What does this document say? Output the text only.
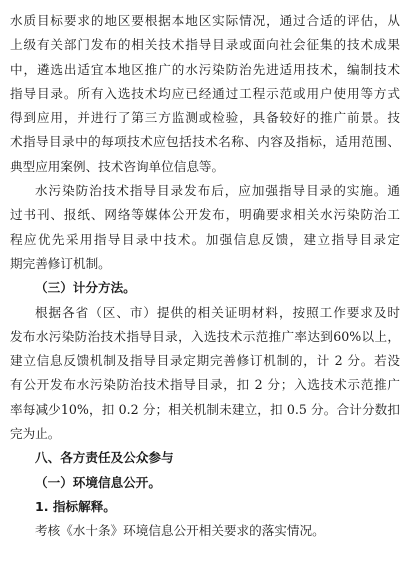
水质目标要求的地区要根据本地区实际情况，通过合适的评估，从
上级有关部门发布的相关技术指导目录或面向社会征集的技术成果
中，遴选出适宜本地区推广的水污染防治先进适用技术，编制技术
指导目录。所有入选技术均应已经通过工程示范或用户使用等方式
得到应用，并进行了第三方监测或检验，具备较好的推广前景。技
术指导目录中的每项技术应包括技术名称、内容及指标，适用范围、
典型应用案例、技术咨询单位信息等。
水污染防治技术指导目录发布后，应加强指导目录的实施。通
过书刊、报纸、网络等媒体公开发布，明确要求相关水污染防治工
程应优先采用指导目录中技术。加强信息反馈，建立指导目录定
期完善修订机制。
（三）计分方法。
根据各省（区、市）提供的相关证明材料，按照工作要求及时
发布水污染防治技术指导目录，入选技术示范推广率达到60%以上，
建立信息反馈机制及指导目录定期完善修订机制的，计 2 分。若没
有公开发布水污染防治技术指导目录，扣 2 分；入选技术示范推广
率每减少10%，扣 0.2 分；相关机制未建立，扣 0.5 分。合计分数扣
完为止。
八、各方责任及公众参与
（一）环境信息公开。
1. 指标解释。
考核《水十条》环境信息公开相关要求的落实情况。
